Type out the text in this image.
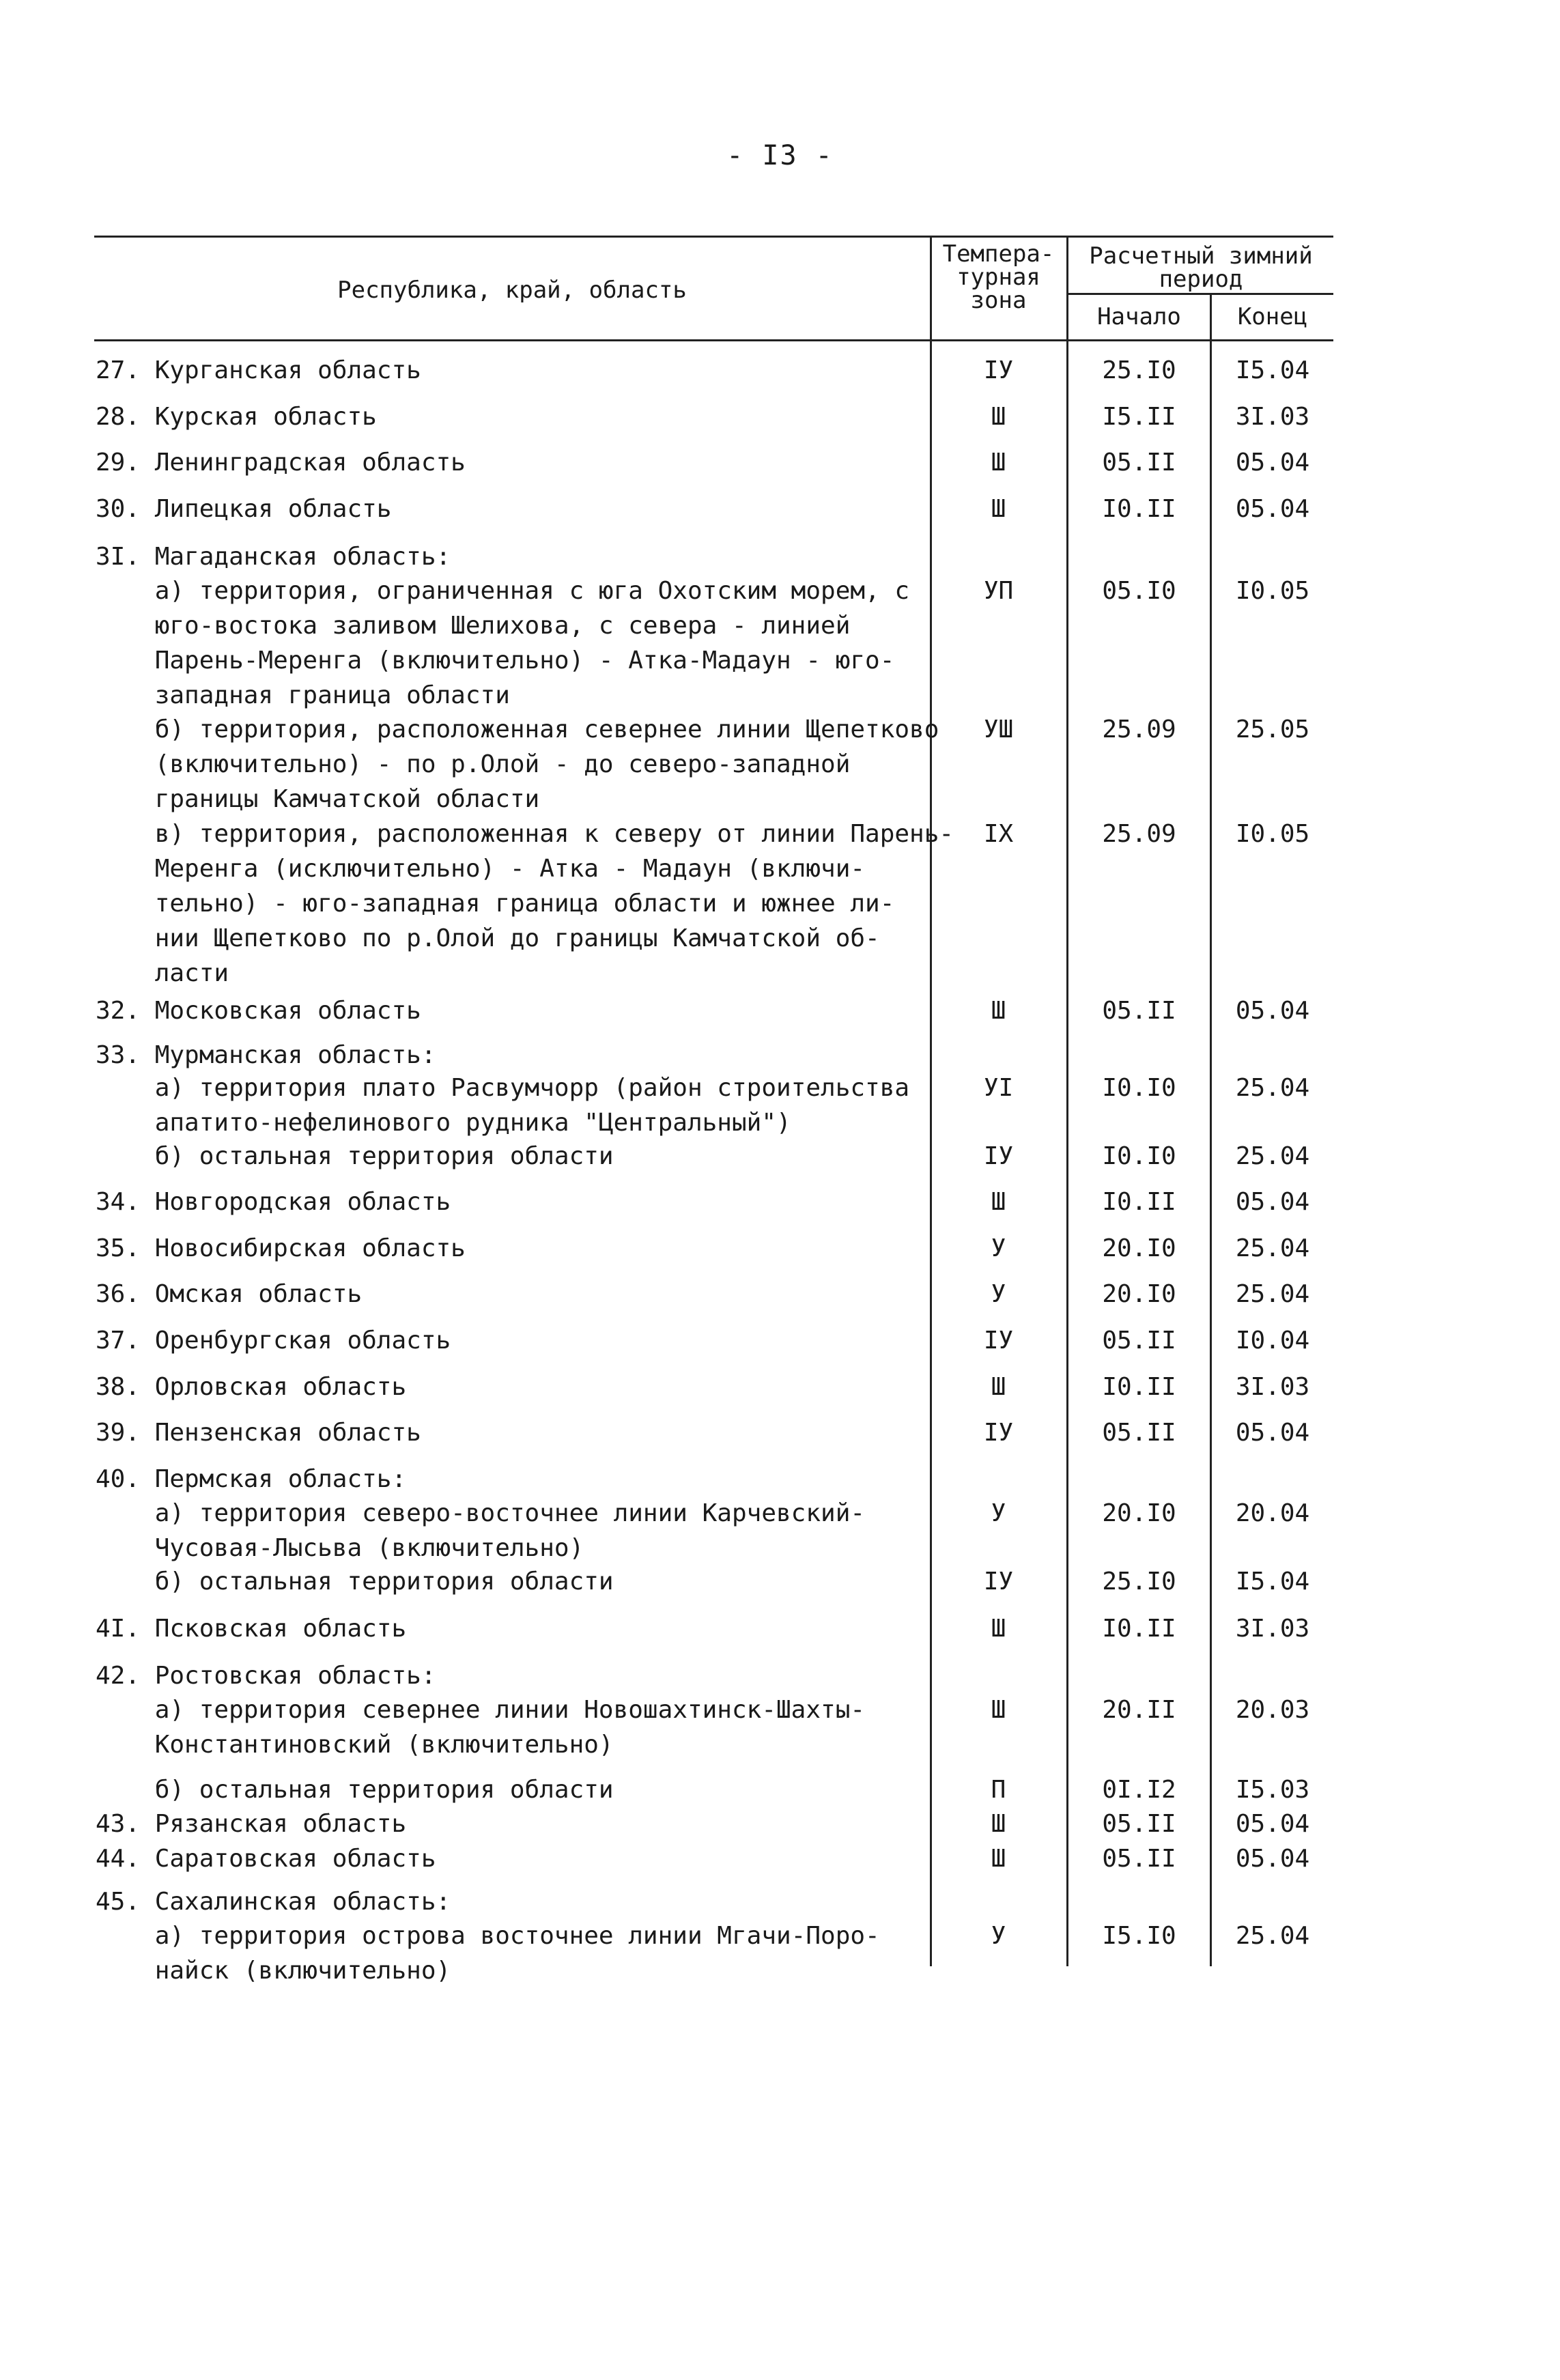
- I3 -
Республика, край, область
Темпера-
турная
зона
Расчетный зимний
период
Начало	Конец
27. Курганская область	IУ	25.I0	I5.04
28. Курская область	Ш	I5.II	3I.03
29. Ленинградская область	Ш	05.II	05.04
30. Липецкая область	Ш	I0.II	05.04
3I. Магаданская область:
а) территория, ограниченная с юга Охотским морем, с
юго-востока заливом Шелихова, с севера - линией
Парень-Меренга (включительно) - Атка-Мадаун - юго-
западная граница области
УП	05.I0	I0.05
б) территория, расположенная севернее линии Щепетково
(включительно) - по р.Олой - до северо-западной
границы Камчатской области
УШ	25.09	25.05
в) территория, расположенная к северу от линии Парень-
Меренга (исключительно) - Атка - Мадаун (включи-
тельно) - юго-западная граница области и южнее ли-
нии Щепетково по р.Олой до границы Камчатской об-
ласти
IX	25.09	I0.05
32. Московская область	Ш	05.II	05.04
33. Мурманская область:
а) территория плато Расвумчорр (район строительства
апатито-нефелинового рудника "Центральный")
УI	I0.I0	25.04
б) остальная территория области	IУ	I0.I0	25.04
34. Новгородская область	Ш	I0.II	05.04
35. Новосибирская область	У	20.I0	25.04
36. Омская область	У	20.I0	25.04
37. Оренбургская область	IУ	05.II	I0.04
38. Орловская область	Ш	I0.II	3I.03
39. Пензенская область	IУ	05.II	05.04
40. Пермская область:
а) территория северо-восточнее линии Карчевский-
Чусовая-Лысьва (включительно)
У	20.I0	20.04
б) остальная территория области	IУ	25.I0	I5.04
4I. Псковская область	Ш	I0.II	3I.03
42. Ростовская область:
а) территория севернее линии Новошахтинск-Шахты-
Константиновский (включительно)
Ш	20.II	20.03
б) остальная территория области	П	0I.I2	I5.03
43. Рязанская область	Ш	05.II	05.04
44. Саратовская область	Ш	05.II	05.04
45. Сахалинская область:
а) территория острова восточнее линии Мгачи-Поро-
найск (включительно)
У	I5.I0	25.04
